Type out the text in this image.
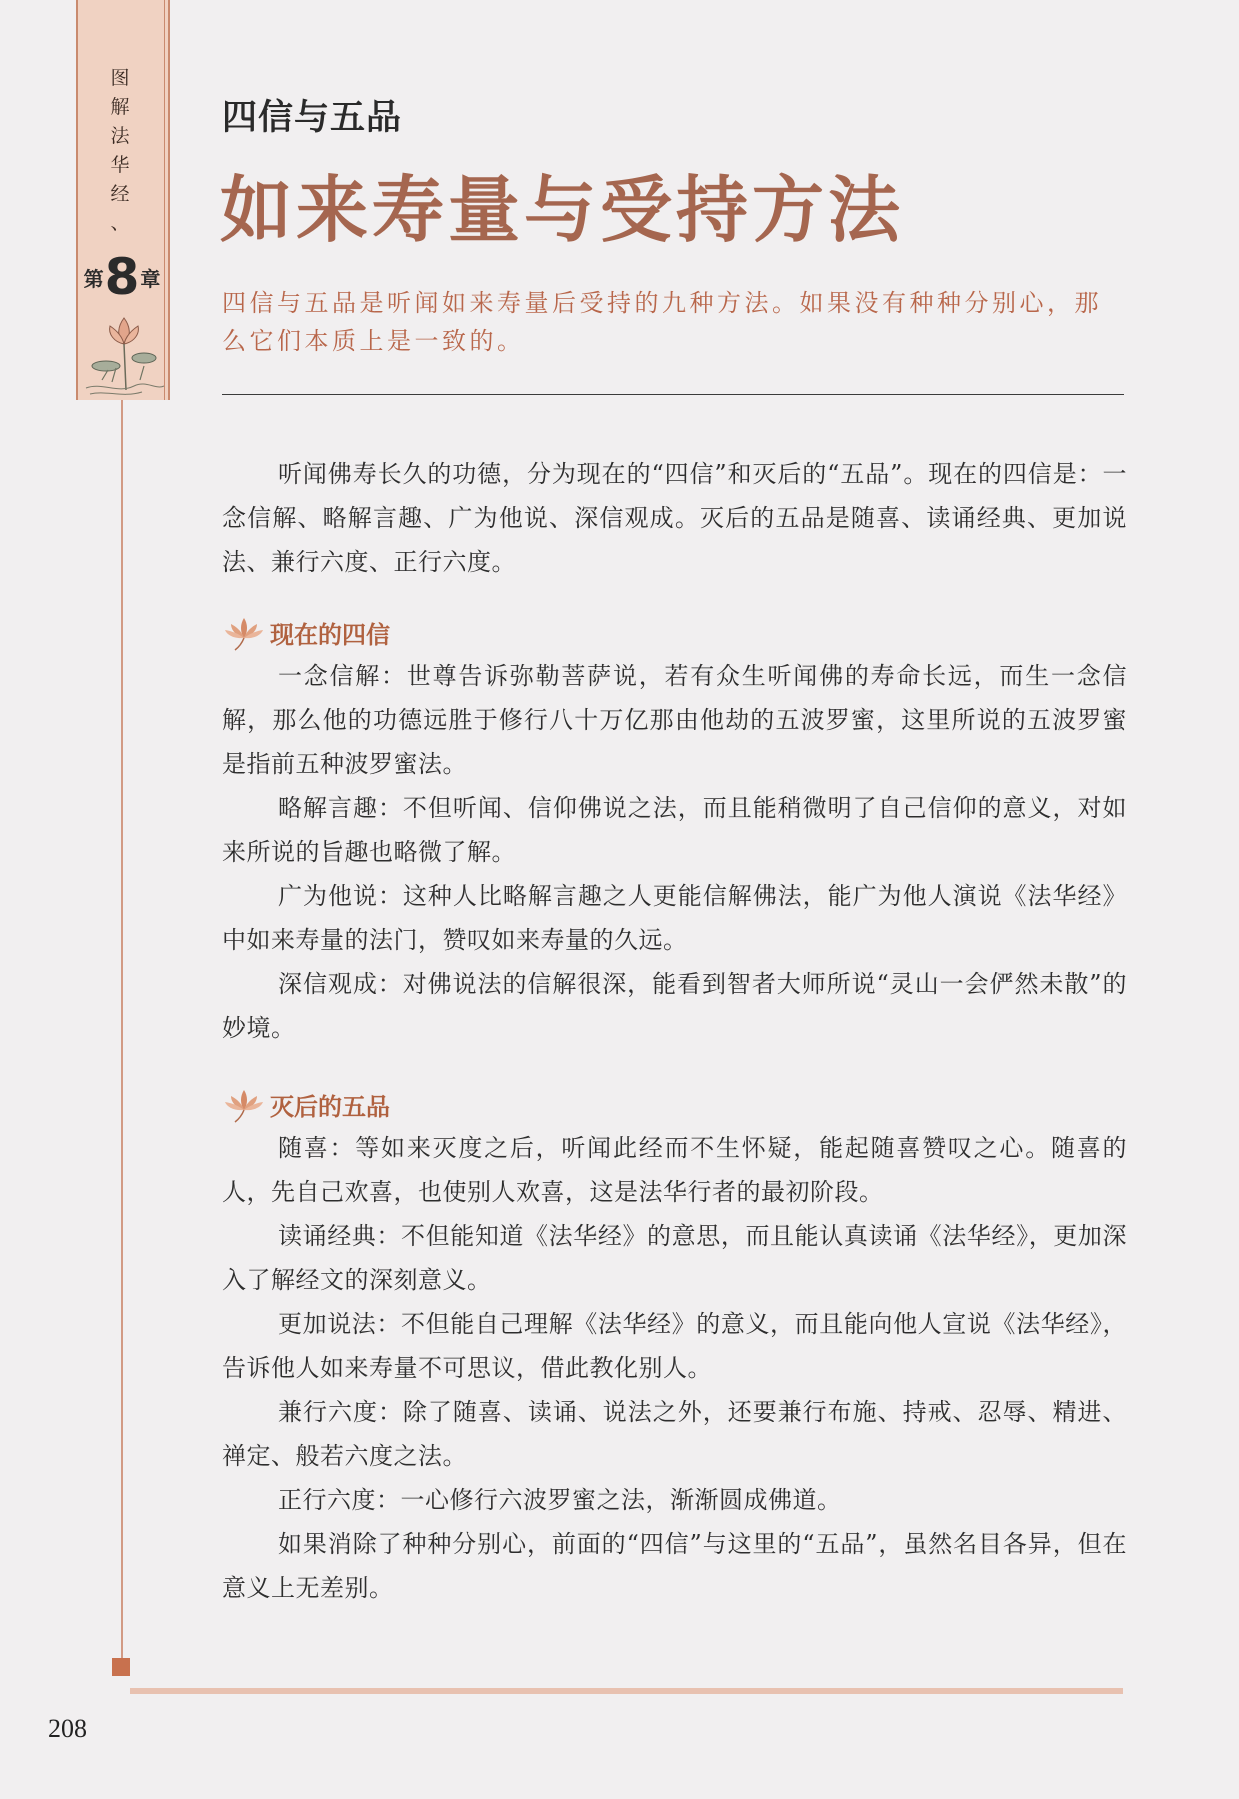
图
解
法
华
经
、
第 8 章
四信与五品
如来寿量与受持方法
四信与五品是听闻如来寿量后受持的九种方法。如果没有种种分别心，那么它们本质上是一致的。

听闻佛寿长久的功德，分为现在的“四信”和灭后的“五品”。现在的四信是：一念信解、略解言趣、广为他说、深信观成。灭后的五品是随喜、读诵经典、更加说法、兼行六度、正行六度。

现在的四信

一念信解：世尊告诉弥勒菩萨说，若有众生听闻佛的寿命长远，而生一念信解，那么他的功德远胜于修行八十万亿那由他劫的五波罗蜜，这里所说的五波罗蜜是指前五种波罗蜜法。

略解言趣：不但听闻、信仰佛说之法，而且能稍微明了自己信仰的意义，对如来所说的旨趣也略微了解。

广为他说：这种人比略解言趣之人更能信解佛法，能广为他人演说《法华经》中如来寿量的法门，赞叹如来寿量的久远。

深信观成：对佛说法的信解很深，能看到智者大师所说“灵山一会俨然未散”的妙境。

灭后的五品

随喜：等如来灭度之后，听闻此经而不生怀疑，能起随喜赞叹之心。随喜的人，先自己欢喜，也使别人欢喜，这是法华行者的最初阶段。

读诵经典：不但能知道《法华经》的意思，而且能认真读诵《法华经》，更加深入了解经文的深刻意义。

更加说法：不但能自己理解《法华经》的意义，而且能向他人宣说《法华经》，告诉他人如来寿量不可思议，借此教化别人。

兼行六度：除了随喜、读诵、说法之外，还要兼行布施、持戒、忍辱、精进、禅定、般若六度之法。

正行六度：一心修行六波罗蜜之法，渐渐圆成佛道。

如果消除了种种分别心，前面的“四信”与这里的“五品”，虽然名目各异，但在意义上无差别。

208
